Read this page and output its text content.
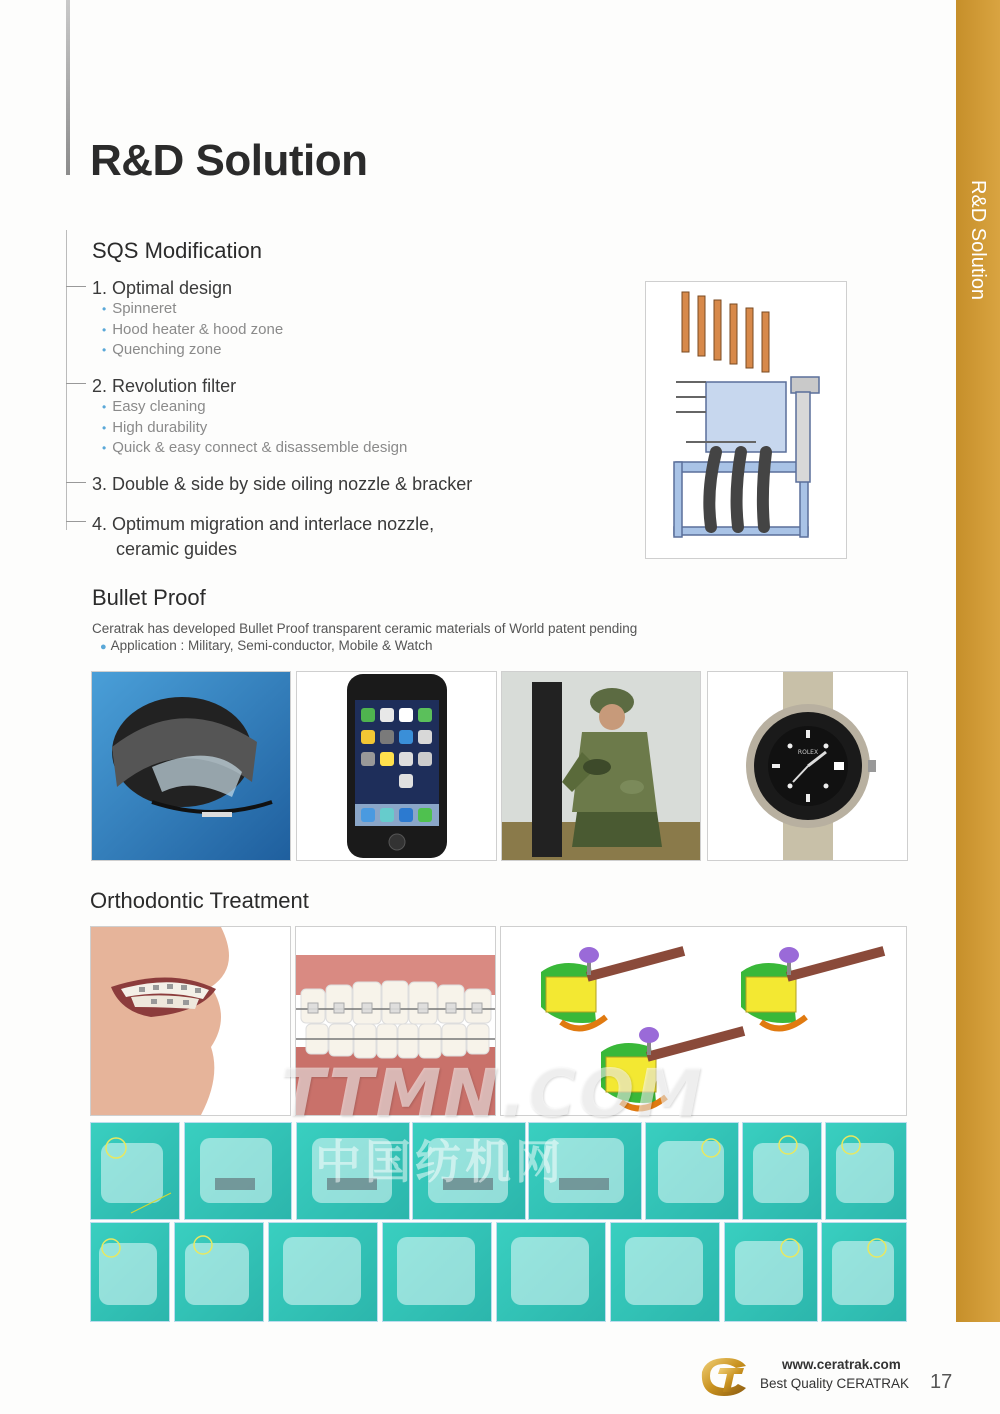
R&D Solution
R&D Solution
SQS Modification

1. Optimal design

• Spinneret
• Hood heater & hood zone
• Quenching zone

2. Revolution filter

• Easy cleaning
• High durability
• Quick & easy connect & disassemble design

3. Double & side by side oiling nozzle & bracker

4. Optimum migration and interlace nozzle,

ceramic guides

Bullet Proof

Ceratrak has developed Bullet Proof transparent ceramic materials of World patent pending

● Application : Military, Semi-conductor, Mobile & Watch

ROLEX
Orthodontic Treatment
TTMN.COM
中国纺机网
www.ceratrak.com
Best Quality CERATRAK 17
